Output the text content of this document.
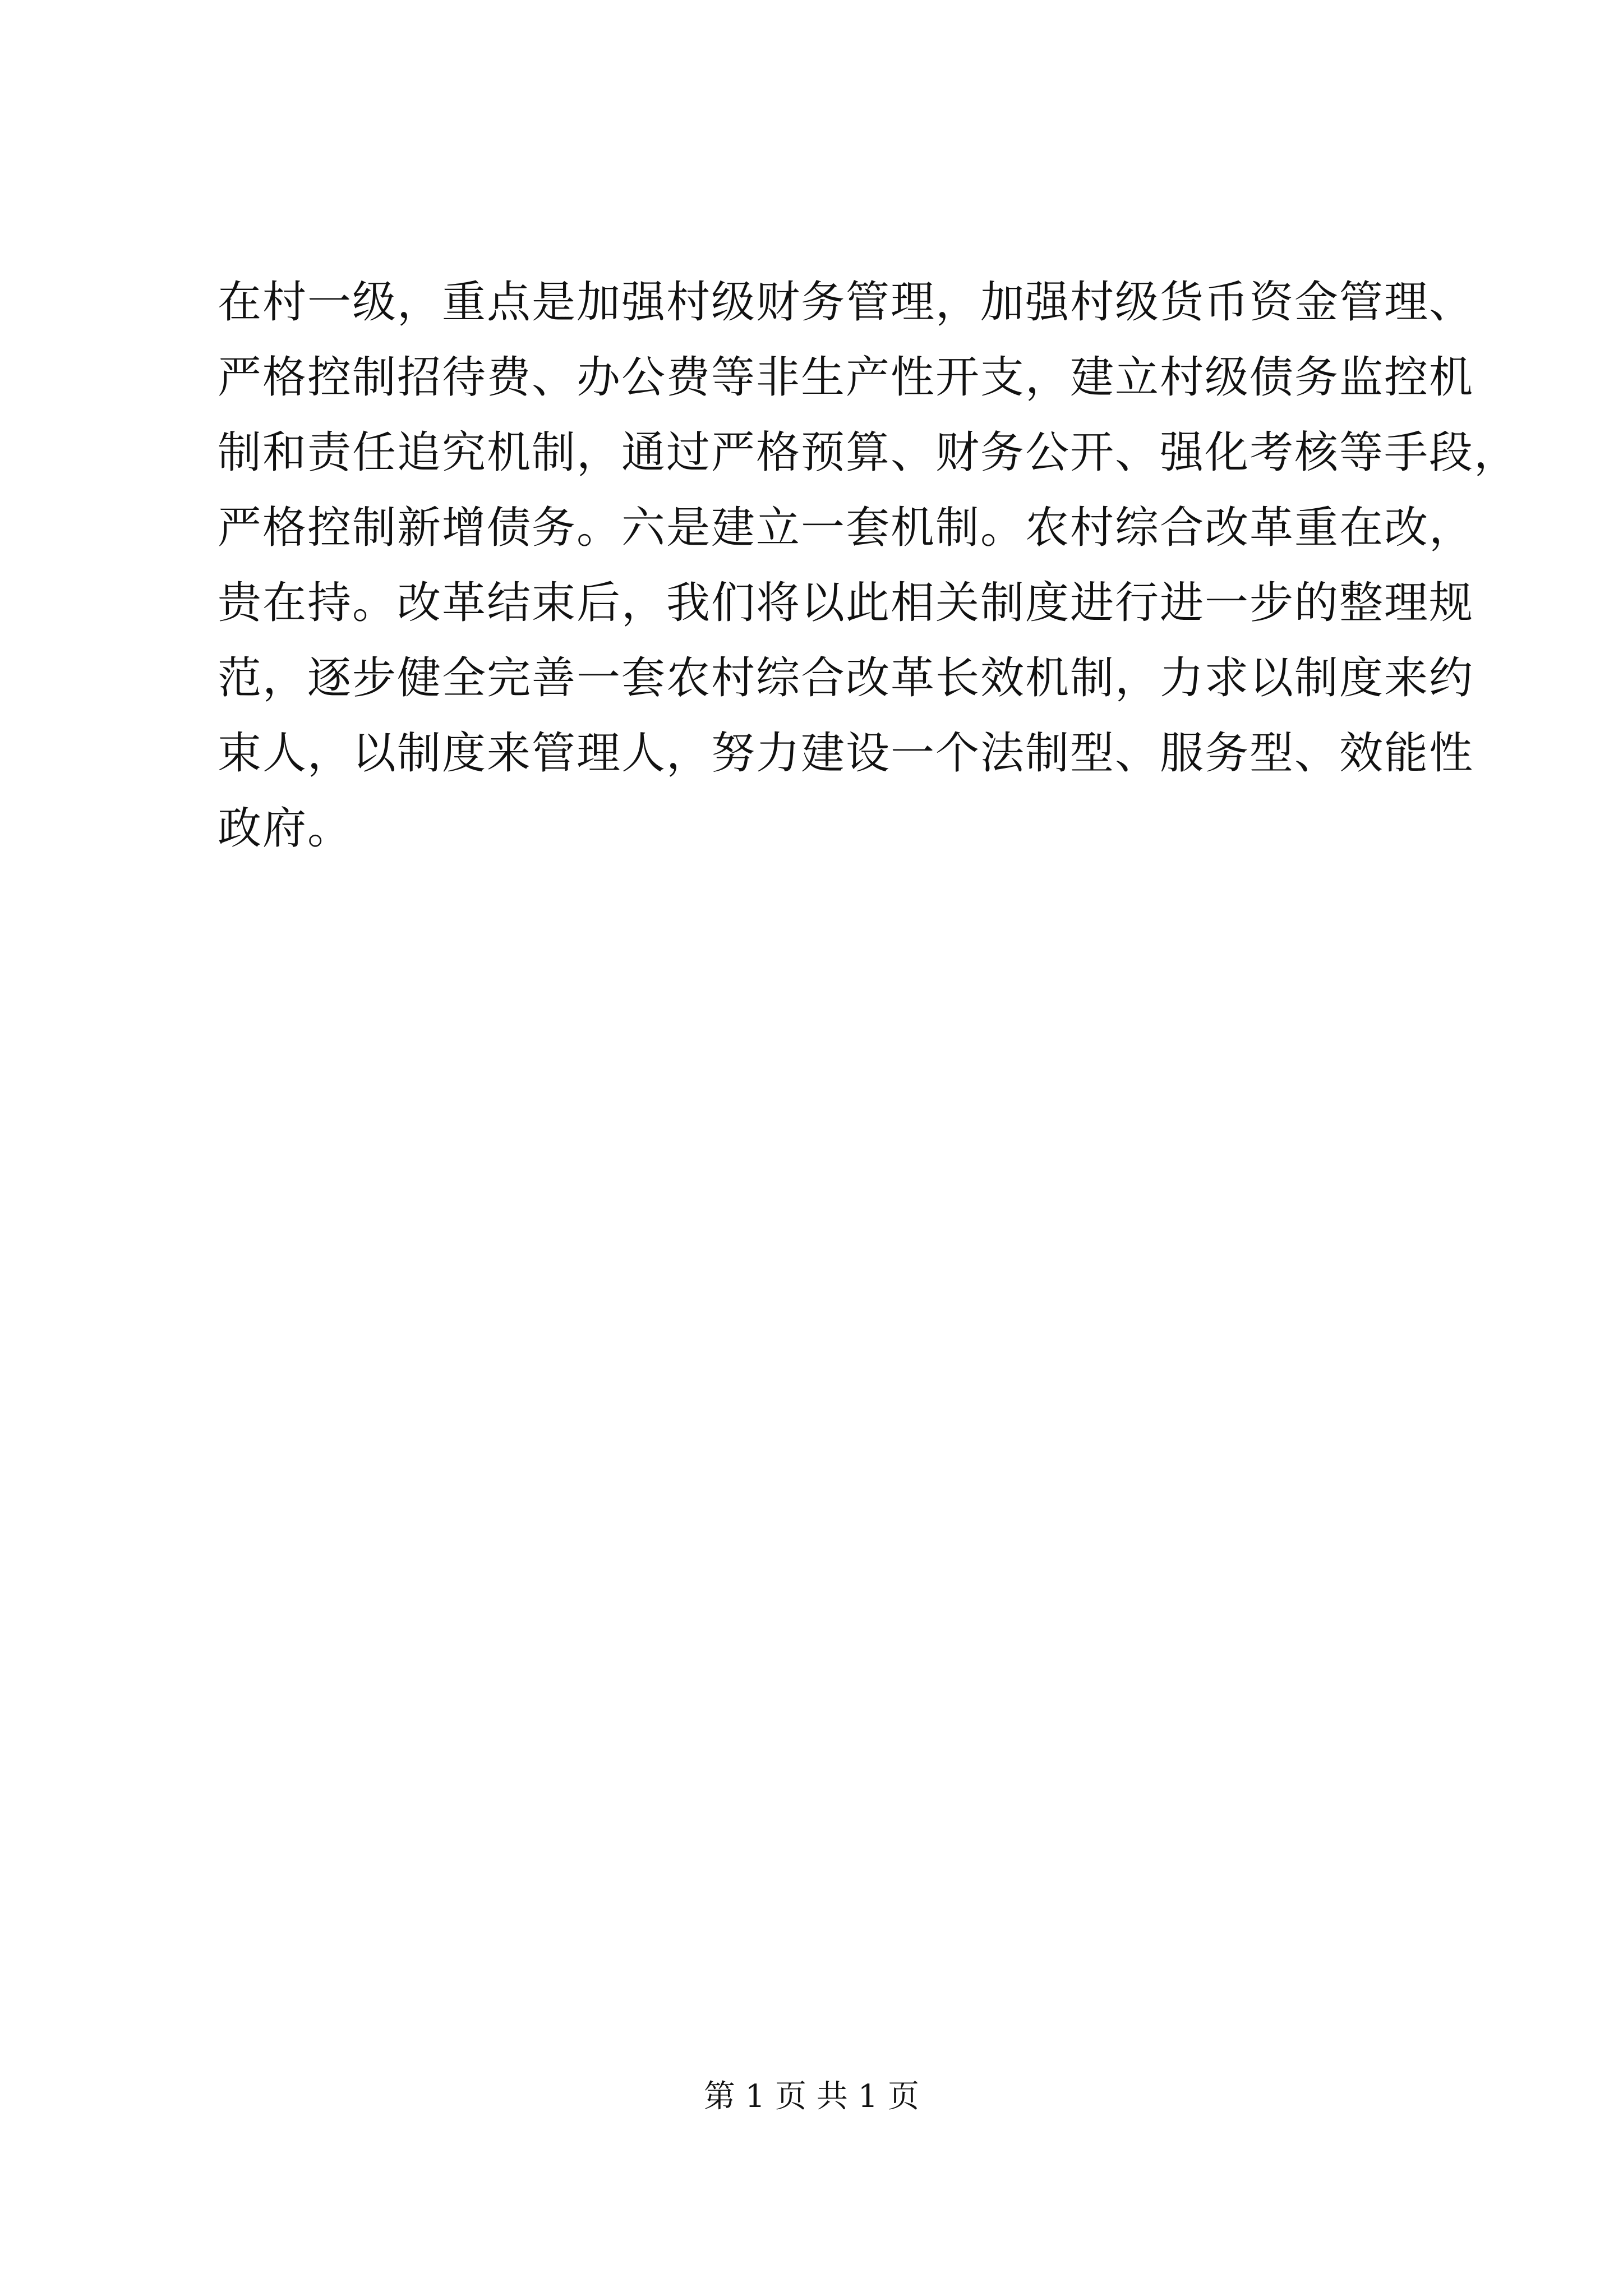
在村一级，重点是加强村级财务管理，加强村级货币资金管理、
严格控制招待费、办公费等非生产性开支，建立村级债务监控机
制和责任追究机制，通过严格预算、财务公开、强化考核等手段，
严格控制新增债务。六是建立一套机制。农村综合改革重在改，
贵在持。改革结束后，我们将以此相关制度进行进一步的整理规
范，逐步健全完善一套农村综合改革长效机制，力求以制度来约
束人，以制度来管理人，努力建设一个法制型、服务型、效能性
政府。
第 1 页 共 1 页
